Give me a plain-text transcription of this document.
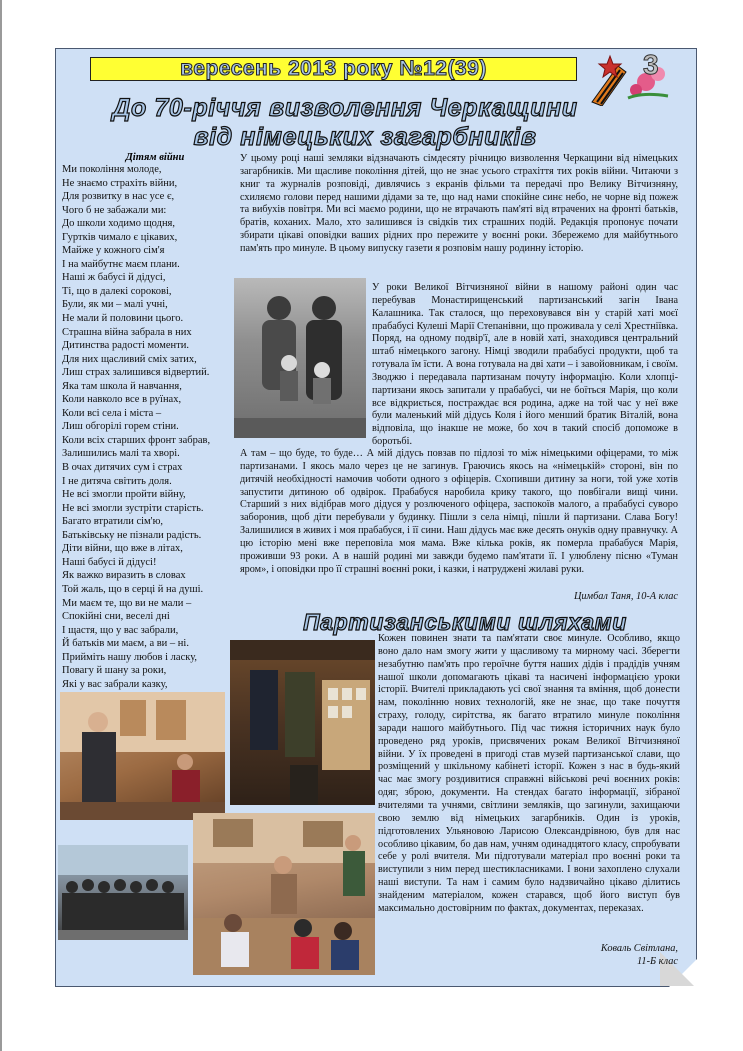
вересень 2013 року №12(39)	3
До 70-річчя визволення Черкащини
від німецьких загарбників
Дітям війни
Ми покоління молоде,
Не знаємо страхіть війни,
Для розвитку в нас усе є,
Чого б не забажали ми:
До школи ходимо щодня,
Гуртків чимало є цікавих,
Майже у кожного сім'я
І на майбутнє маєм плани.
Наші ж бабусі й дідусі,
Ті, що в далекі сорокові,
Були, як ми – малі учні,
Не мали й половини цього.
Страшна війна забрала в них
Дитинства радості моменти.
Для них щасливий сміх затих,
Лиш страх залишився відвертий.
Яка там школа й навчання,
Коли навколо все в руїнах,
Коли всі села і міста –
Лиш обгорілі горем стіни.
Коли всіх старших фронт забрав,
Залишились малі та хворі.
В очах дитячих сум і страх
І не дитяча світить доля.
Не всі змогли пройти війну,
Не всі змогли зустріти старість.
Багато втратили сім'ю,
Батьківську не пізнали радість.
Діти війни, що вже в літах,
Наші бабусі й дідусі!
Як важко виразить в словах
Той жаль, що в серці й на душі.
Ми маєм те, що ви не мали –
Спокійні сни, веселі дні
І щастя, що у вас забрали,
Й батьків ми маєм, а ви – ні.
Прийміть нашу любов і ласку,
Повагу й шану за роки,
Які у вас забрали казку,

У цьому році наші земляки відзначають сімдесяту річницю визволення Черкащини від німецьких загарбників. Ми щасливе покоління дітей, що не знає усього страхіття тих років війни. Читаючи з книг та журналів розповіді, дивлячись з екранів фільми та передачі про Велику Вітчизняну, схиляємо голови перед нашими дідами за те, що над нами спокійне синє небо, не чорне від пожеж та вибухів повітря. Ми всі маємо родини, що не втрачають пам'яті від втрачених на фронті батьків, братів, коханих. Мало, хто залишився із свідків тих страшних подій. Редакція пропонує почати збирати цікаві оповідки ваших рідних про пережите у воєнні роки. Збережемо для майбутнього пам'ять про минуле. В цьому випуску газети я розповім нашу родинну історію.

У роки Великої Вітчизняної війни в нашому районі один час перебував Монастирищенський партизанський загін Івана Калашника. Так сталося, що переховувався він у старій хаті моєї прабабусі Кулеші Марії Степанівни, що проживала у селі Хрестніївка. Поряд, на одному подвір'ї, але в новій хаті, знаходився центральний штаб німецького загону. Німці зводили прабабусі продукти, щоб та готувала їм їсти. А вона готувала на дві хати – і завойовникам, і своїм. Зводжю і передавала партизанам почуту інформацію. Коли хлопці-партизани якось запитали у прабабусі, чи не боїться Марія, що коли все відкриється, постраждає вся родина, адже на той час у неї вже були маленький мій дідусь Коля і його менший братик Віталій, вона відповіла, що інакше не може, бо хоч в такий спосіб допоможе в боротьбі.

А там – що буде, то буде… А мій дідусь повзав по підлозі то між німецькими офіцерами, то між партизанами. І якось мало через це не загинув. Граючись якось на «німецькій» стороні, він по дитячій необхідності намочив чоботи одного з офіцерів. Схопивши дитину за ноги, той уже хотів запустити дитиною об одвірок. Прабабуся наробила крику такого, що повбігали вищі чини. Старший з них відібрав мого дідуся у розлюченого офіцера, заспокоїв малого, а прабабусі суворо заборонив, щоб діти перебували у будинку. Пішли з села німці, пішли й партизани. Слава Богу! Залишилися в живих і моя прабабуся, і її сини. Наш дідусь має вже десять онуків одну правнучку. А цю історію мені вже переповіла моя мама. Вже кілька років, як померла прабабуся Марія, проживши 93 роки. А в нашій родині ми завжди будемо пам'ятати її. І улюблену пісню «Туман яром», і оповідки про її страшні воєнні роки, і казки, і натруджені жилаві руки.

Цимбал Таня, 10-А клас
Партизанськими шляхами

Кожен повинен знати та пам'ятати своє минуле. Особливо, якщо воно дало нам змогу жити у щасливому та мирному часі. Зберегти незабутню пам'ять про героїчне буття наших дідів і прадідів учням нашої школи допомагають цікаві та насичені інформацією уроки історії. Вчителі прикладають усі свої знання та вміння, щоб донести нам, поколінню нових технологій, яке не знає, що таке почуття страху, голоду, сирітства, як багато втратило минуле покоління заради нашого майбутнього. Під час тижня історичних наук було проведено ряд уроків, присвячених рокам Великої Вітчизняної війни. У їх проведені в пригоді став музей партизанської слави, що розміщений у шкільному кабінеті історії. Кожен з нас в будь-який час має змогу роздивитися справжні військові речі воєнних років: одяг, зброю, документи. На стендах багато інформації, зібраної вчителями та учнями, світлини земляків, що загинули, захищаючи свою землю від німецьких загарбників. Один із уроків, підготовлених Ульяновою Ларисою Олександрівною, був для нас особливо цікавим, бо дав нам, учням одинадцятого класу, спробувати себе у ролі вчителя. Ми підготували матеріал про воєнні роки та виступили з ним перед шестикласниками. І вони захоплено слухали наші виступи. Та нам і самим було надзвичайно цікаво ділитись знайденим матеріалом, кожен старався, щоб його виступ був максимально достовірним по фактах, документах, переказах.

Коваль Світлана,
11-Б клас
